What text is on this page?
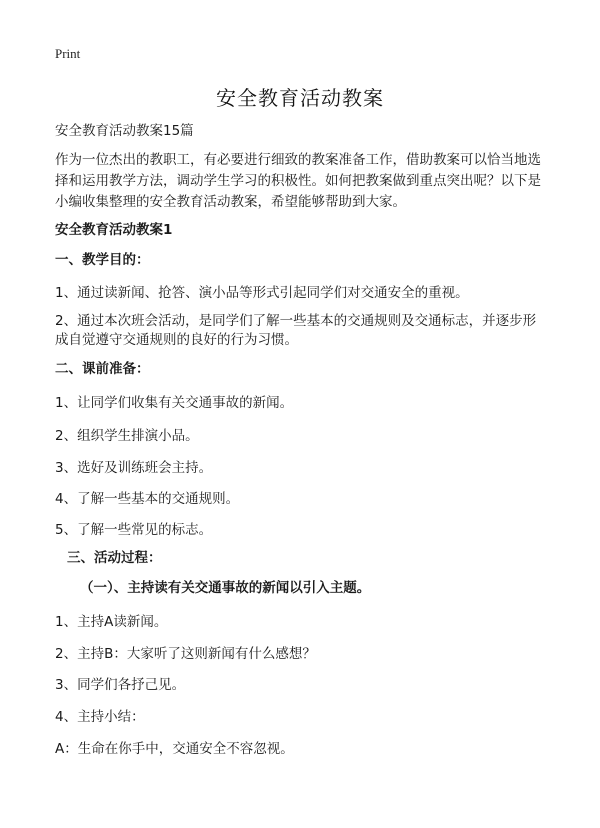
Print
安全教育活动教案
安全教育活动教案15篇
作为一位杰出的教职工，有必要进行细致的教案准备工作，借助教案可以恰当地选
择和运用教学方法，调动学生学习的积极性。如何把教案做到重点突出呢？以下是
小编收集整理的安全教育活动教案，希望能够帮助到大家。
安全教育活动教案1
一、教学目的：
1、通过读新闻、抢答、演小品等形式引起同学们对交通安全的重视。
2、通过本次班会活动，是同学们了解一些基本的交通规则及交通标志，并逐步形
成自觉遵守交通规则的良好的行为习惯。
二、课前准备：
1、让同学们收集有关交通事故的新闻。
2、组织学生排演小品。
3、选好及训练班会主持。
4、了解一些基本的交通规则。
5、了解一些常见的标志。
三、活动过程：
（一）、主持读有关交通事故的新闻以引入主题。
1、主持A读新闻。
2、主持B：大家听了这则新闻有什么感想？
3、同学们各抒己见。
4、主持小结：
A：生命在你手中，交通安全不容忽视。
